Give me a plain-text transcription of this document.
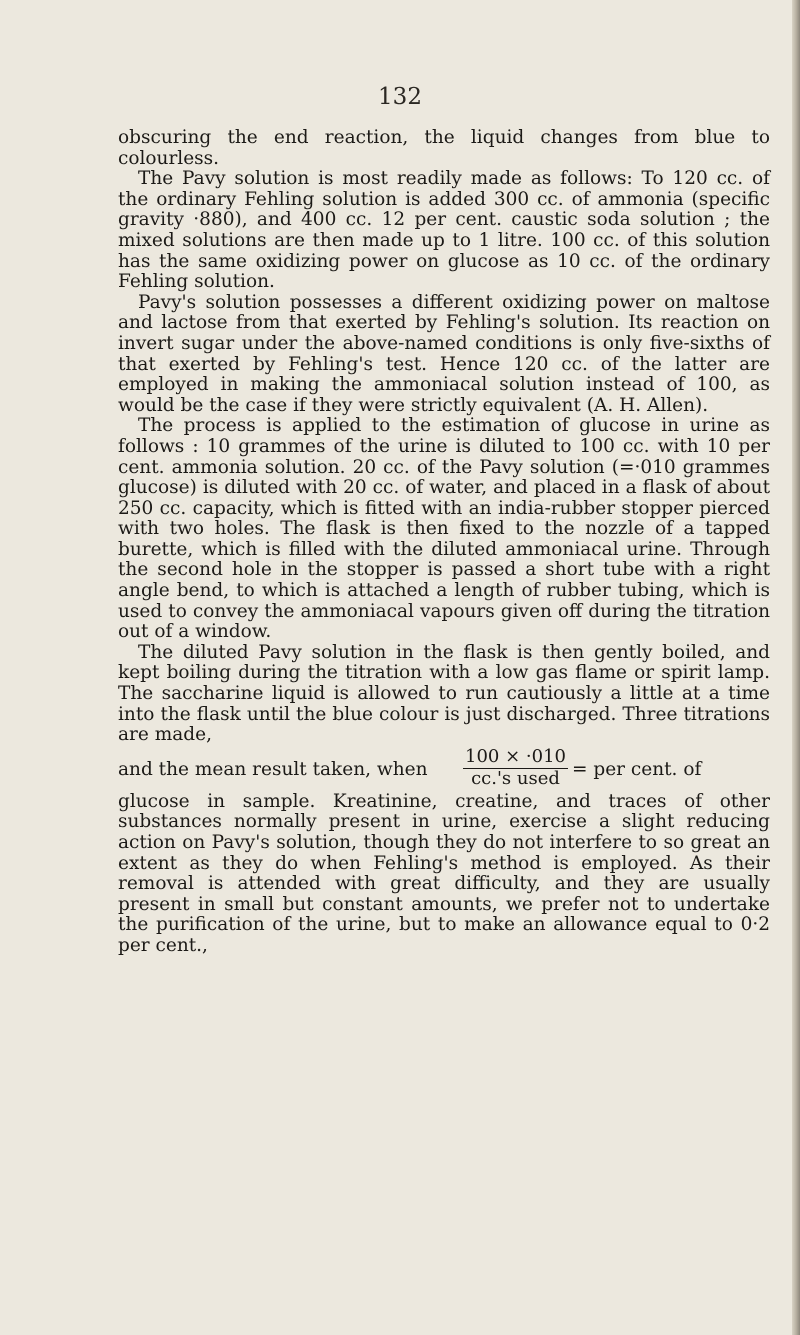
132

obscuring the end reaction, the liquid changes from blue to colourless.

The Pavy solution is most readily made as follows: To 120 cc. of the ordinary Fehling solution is added 300 cc. of ammonia (specific gravity ·880), and 400 cc. 12 per cent. caustic soda solution ; the mixed solutions are then made up to 1 litre. 100 cc. of this solution has the same oxidizing power on glucose as 10 cc. of the ordinary Fehling solution.

Pavy's solution possesses a different oxidizing power on maltose and lactose from that exerted by Fehling's solution. Its reaction on invert sugar under the above-named conditions is only five-sixths of that exerted by Fehling's test. Hence 120 cc. of the latter are employed in making the ammoniacal solution instead of 100, as would be the case if they were strictly equivalent (A. H. Allen).

The process is applied to the estimation of glucose in urine as follows : 10 grammes of the urine is diluted to 100 cc. with 10 per cent. ammonia solution. 20 cc. of the Pavy solution (=·010 grammes glucose) is diluted with 20 cc. of water, and placed in a flask of about 250 cc. capacity, which is fitted with an india-rubber stopper pierced with two holes. The flask is then fixed to the nozzle of a tapped burette, which is filled with the diluted ammoniacal urine. Through the second hole in the stopper is passed a short tube with a right angle bend, to which is attached a length of rubber tubing, which is used to convey the ammoniacal vapours given off during the titration out of a window.

The diluted Pavy solution in the flask is then gently boiled, and kept boiling during the titration with a low gas flame or spirit lamp. The saccharine liquid is allowed to run cautiously a little at a time into the flask until the blue colour is just discharged. Three titrations are made,

and the mean result taken, when
100 × ·010
cc.'s used = per cent. of

glucose in sample. Kreatinine, creatine, and traces of other substances normally present in urine, exercise a slight reducing action on Pavy's solution, though they do not interfere to so great an extent as they do when Fehling's method is employed. As their removal is attended with great difficulty, and they are usually present in small but constant amounts, we prefer not to undertake the purification of the urine, but to make an allowance equal to 0·2 per cent.,
